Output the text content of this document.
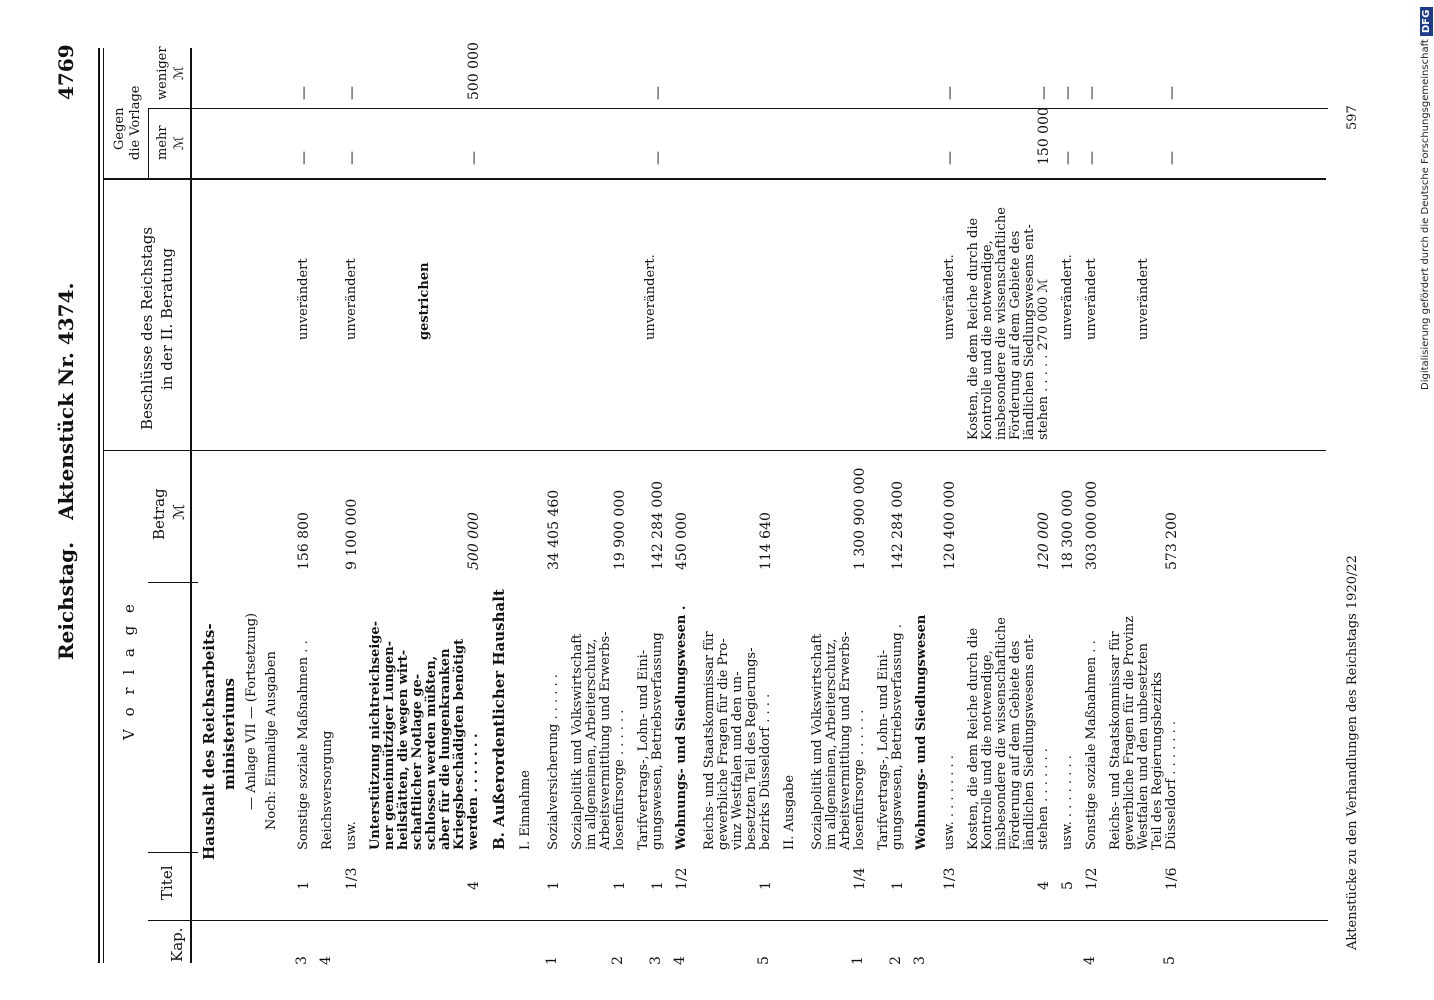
Reichstag.
Aktenstück Nr. 4374.
4769
Aktenstücke zu den Verhandlungen des Reichstags 1920/22
597	Digitalisierung gefördert durch die Deutsche Forschungsgemeinschaft
DFG
Kap.
Titel
V o r l a g e
Betrag ℳ
Beschlüsse des Reichstags in der II. Beratung
Gegen die Vorlage mehr ℳ
weniger ℳ
Haushalt des Reichsarbeits- ministeriums — Anlage VII — (Fortsetzung) Noch: Einmalige Ausgaben Sonstige soziale Maßnahmen . .
3
1
156 800
unverändert
—
—
Reichsversorgung
4
usw.
1/3
9 100 000
unverändert
—
—
Unterstützung nichtreichseige- ner gemeinnütziger Lungen- heilstätten, die wegen wirt- schaftlicher Notlage ge- schlossen werden müßten, aber für die lungenkranken Kriegsbeschädigten benötigt werden . . . . . . .
4
500 000
gestrichen
—
500 000
B. Außerordentlicher Haushalt I. Einnahme Sozialversicherung . . . . . .
1
1
34 405 460
Sozialpolitik und Volkswirtschaft im allgemeinen, Arbeiterschutz, Arbeitsvermittlung und Erwerbs- losenfürsorge . . . . . .
2
1
19 900 000
Tarifvertrags-, Lohn- und Eini- gungswesen, Betriebsverfassung
3
1
142 284 000
unverändert.
—
—
Wohnungs- und Siedlungswesen .
4
1/2
450 000
Reichs- und Staatskommissar für gewerbliche Fragen für die Pro- vinz Westfalen und den un- besetzten Teil des Regierungs- bezirks Düsseldorf . . . .
5
1
114 640
II. Ausgabe Sozialpolitik und Volkswirtschaft im allgemeinen, Arbeiterschutz, Arbeitsvermittlung und Erwerbs- losenfürsorge . . . . . .
1
1/4
1 300 900 000
Tarifvertrags-, Lohn- und Eini- gungswesen, Betriebsverfassung .
2
1
142 284 000
Wohnungs- und Siedlungswesen
3
usw. . . . . . . . .
1/3
120 400 000
unverändert.
—
—
Kosten, die dem Reiche durch die Kontrolle und die notwendige, insbesondere die wissenschaftliche Förderung auf dem Gebiete des ländlichen Siedlungswesens ent- stehen . . . . . . .
4
120 000
Kosten, die dem Reiche durch die Kontrolle und die notwendige, insbesondere die wissenschaftliche Förderung auf dem Gebiete des ländlichen Siedlungswesens ent- stehen . . . . . 270 000 ℳ
150 000
—
usw. . . . . . . . .
5
18 300 000
unverändert.
—
—
Sonstige soziale Maßnahmen . .
4
1/2
303 000 000
unverändert
—
—
Reichs- und Staatskommissar für gewerbliche Fragen für die Provinz Westfalen und den unbesetzten Teil des Regierungsbezirks Düsseldorf . . . . . . .
5
1/6
573 200
unverändert
—
—
